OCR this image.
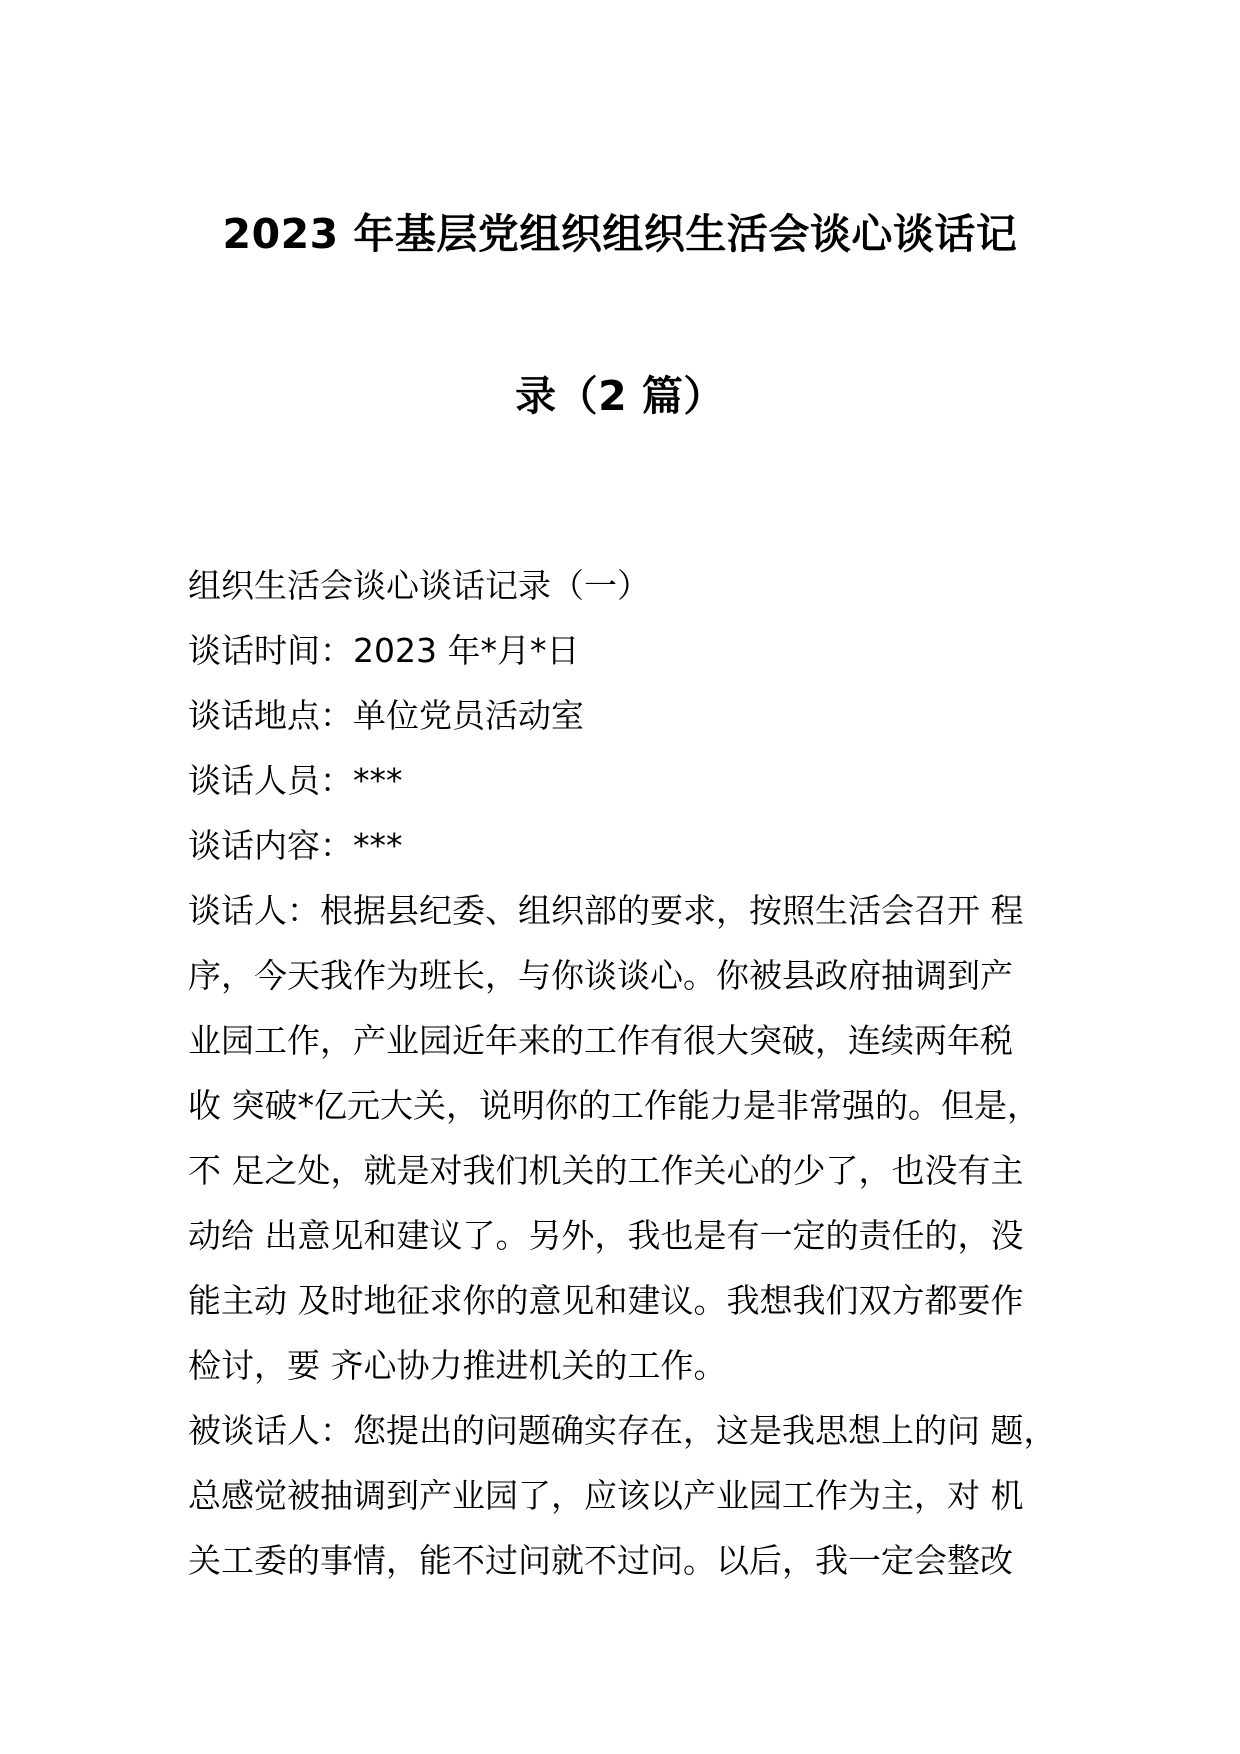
2023 年基层党组织组织生活会谈心谈话记
录（2 篇）
组织生活会谈心谈话记录（一）
谈话时间：2023 年*月*日
谈话地点：单位党员活动室
谈话人员：***
谈话内容：***
谈话人：根据县纪委、组织部的要求，按照生活会召开 程
序，今天我作为班长，与你谈谈心。你被县政府抽调到产
业园工作，产业园近年来的工作有很大突破，连续两年税
收 突破*亿元大关，说明你的工作能力是非常强的。但是，
不 足之处，就是对我们机关的工作关心的少了，也没有主
动给 出意见和建议了。另外，我也是有一定的责任的，没
能主动 及时地征求你的意见和建议。我想我们双方都要作
检讨，要 齐心协力推进机关的工作。
被谈话人：您提出的问题确实存在，这是我思想上的问 题，
总感觉被抽调到产业园了，应该以产业园工作为主，对 机
关工委的事情，能不过问就不过问。以后，我一定会整改
